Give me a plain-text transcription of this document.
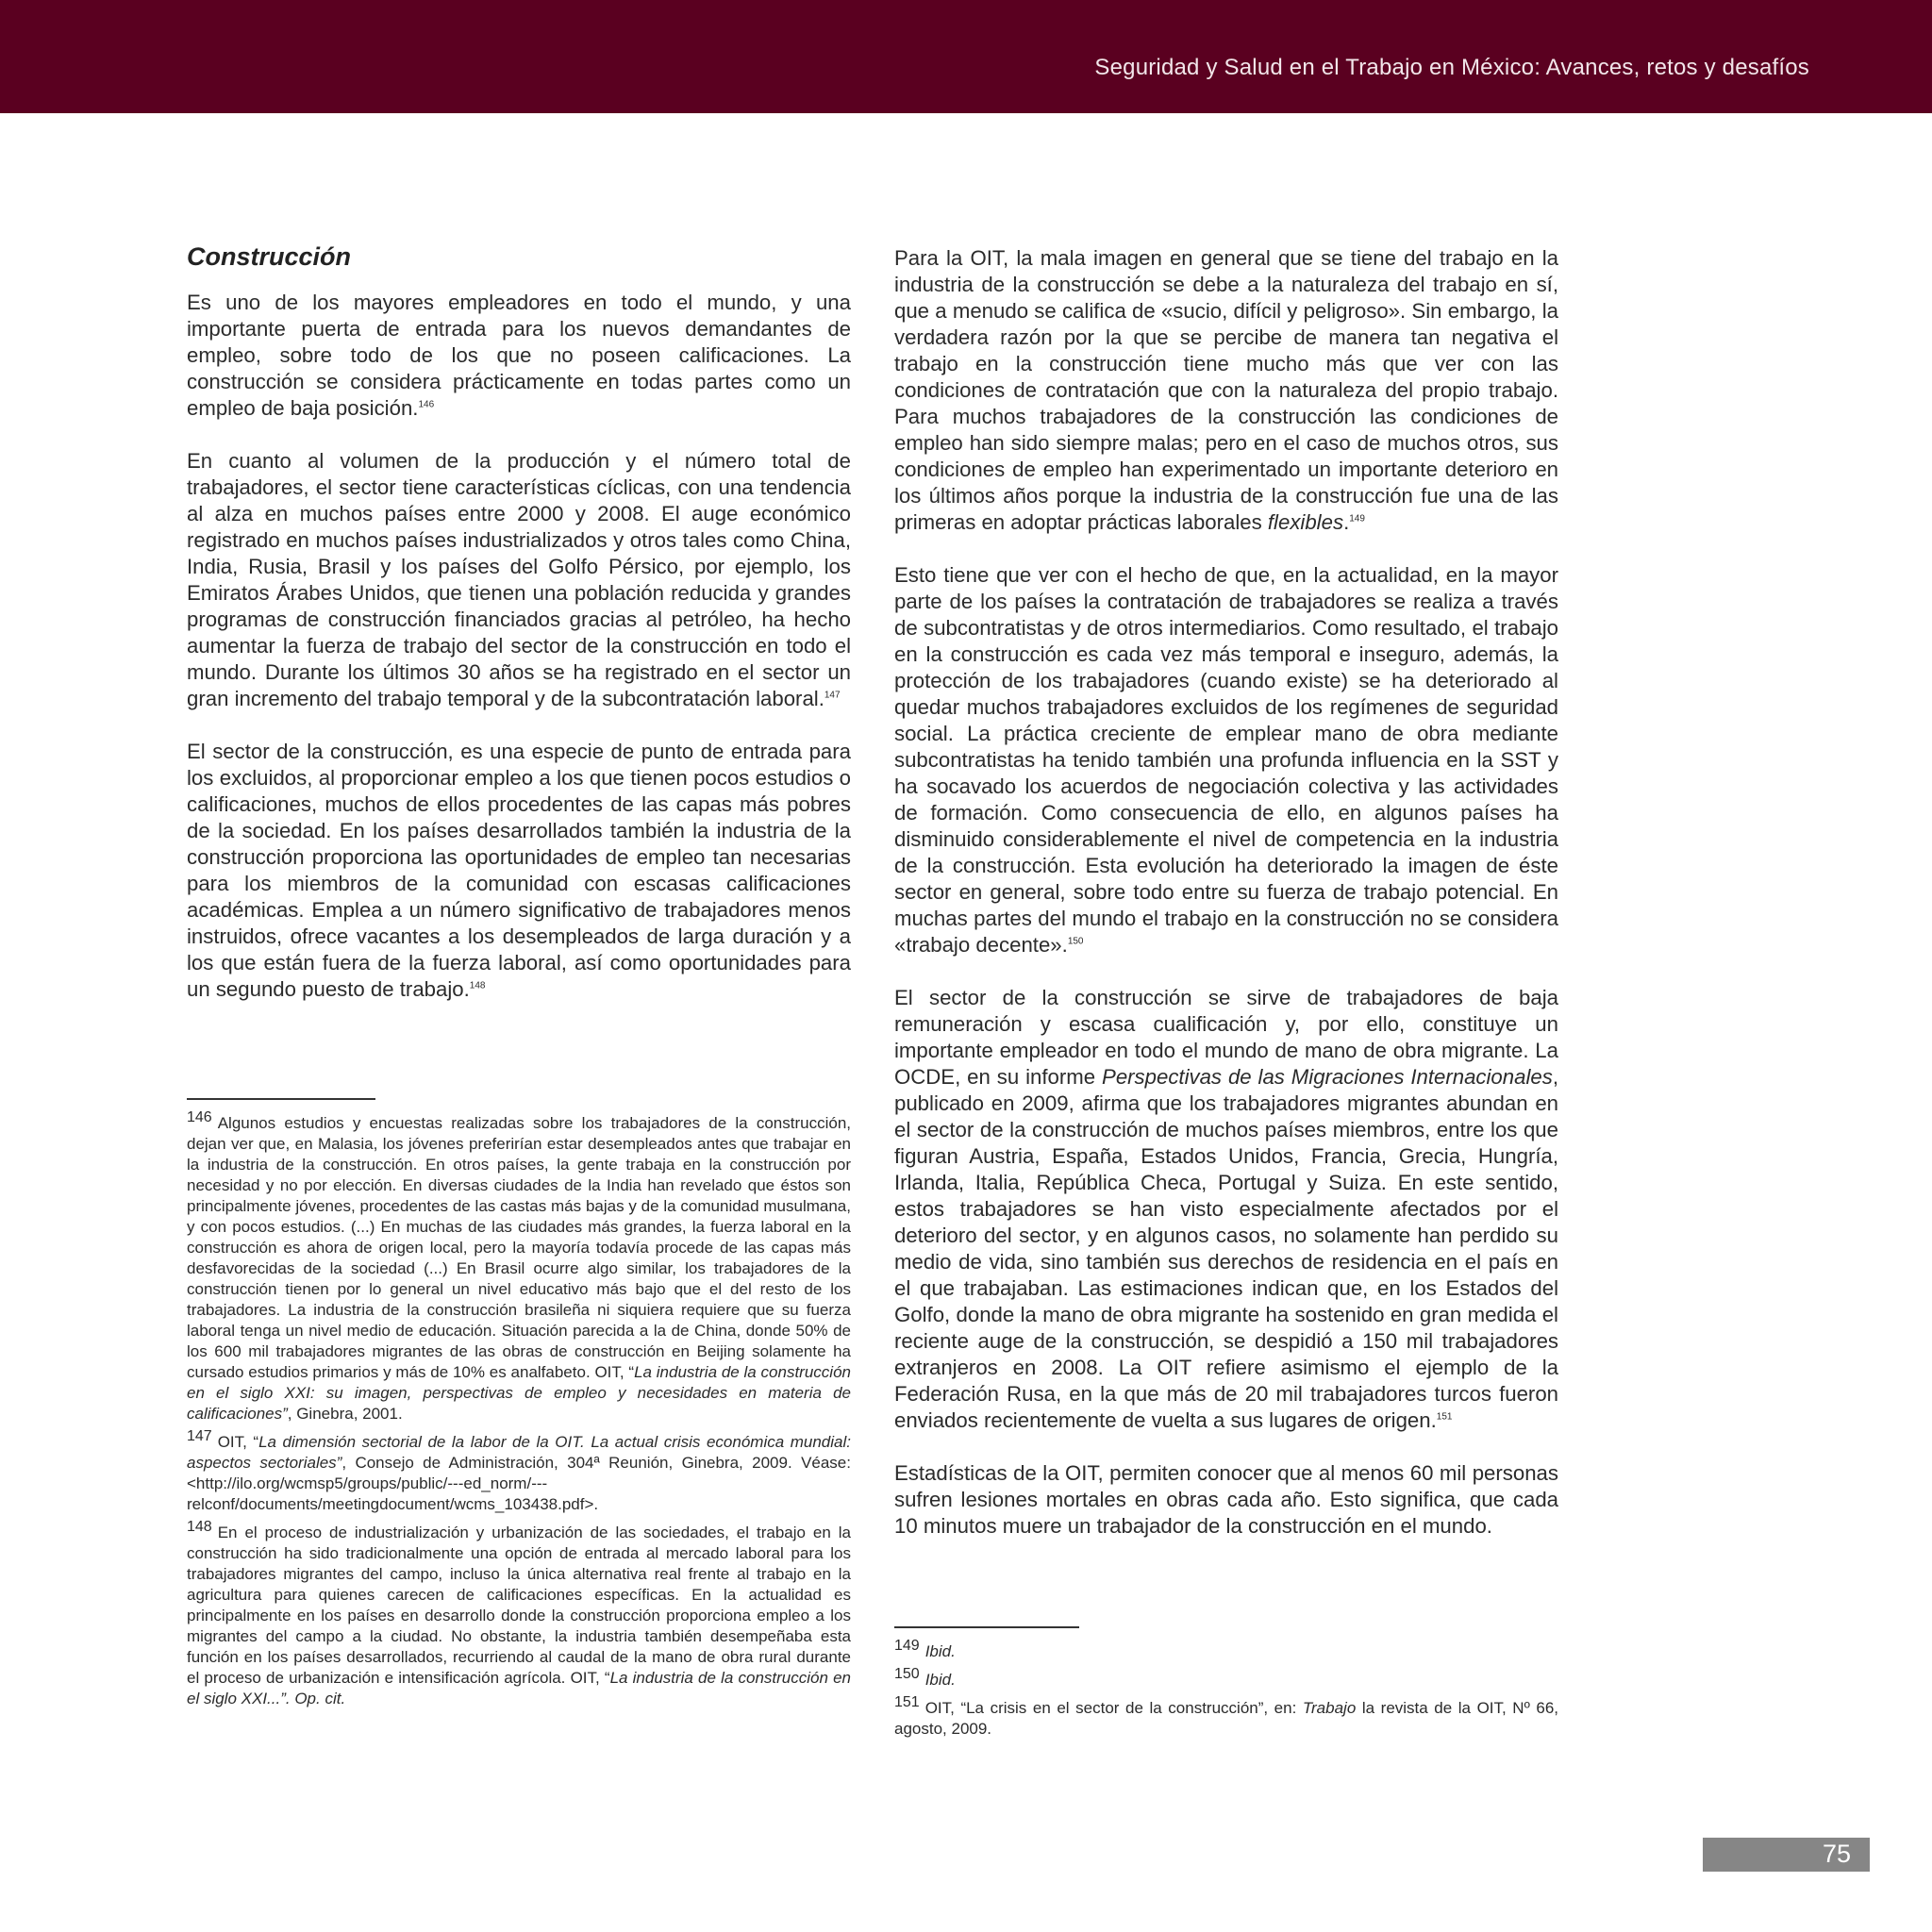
Seguridad y Salud en el Trabajo en México: Avances, retos y desafíos
Construcción

Es uno de los mayores empleadores en todo el mundo, y una importante puerta de entrada para los nuevos demandantes de empleo, sobre todo de los que no poseen calificaciones. La construcción se considera prácticamente en todas partes como un empleo de baja posición.$^{146}$

En cuanto al volumen de la producción y el número total de trabajadores, el sector tiene características cíclicas, con una tendencia al alza en muchos países entre 2000 y 2008. El auge económico registrado en muchos países industrializados y otros tales como China, India, Rusia, Brasil y los países del Golfo Pérsico, por ejemplo, los Emiratos Árabes Unidos, que tienen una población reducida y grandes programas de construcción financiados gracias al petróleo, ha hecho aumentar la fuerza de trabajo del sector de la construcción en todo el mundo. Durante los últimos 30 años se ha registrado en el sector un gran incremento del trabajo temporal y de la subcontratación laboral.$^{147}$

El sector de la construcción, es una especie de punto de entrada para los excluidos, al proporcionar empleo a los que tienen pocos estudios o calificaciones, muchos de ellos procedentes de las capas más pobres de la sociedad. En los países desarrollados también la industria de la construcción proporciona las oportunidades de empleo tan necesarias para los miembros de la comunidad con escasas calificaciones académicas. Emplea a un número significativo de trabajadores menos instruidos, ofrece vacantes a los desempleados de larga duración y a los que están fuera de la fuerza laboral, así como oportunidades para un segundo puesto de trabajo.$^{148}$

Para la OIT, la mala imagen en general que se tiene del trabajo en la industria de la construcción se debe a la naturaleza del trabajo en sí, que a menudo se califica de «sucio, difícil y peligroso». Sin embargo, la verdadera razón por la que se percibe de manera tan negativa el trabajo en la construcción tiene mucho más que ver con las condiciones de contratación que con la naturaleza del propio trabajo. Para muchos trabajadores de la construcción las condiciones de empleo han sido siempre malas; pero en el caso de muchos otros, sus condiciones de empleo han experimentado un importante deterioro en los últimos años porque la industria de la construcción fue una de las primeras en adoptar prácticas laborales flexibles.$^{149}$

Esto tiene que ver con el hecho de que, en la actualidad, en la mayor parte de los países la contratación de trabajadores se realiza a través de subcontratistas y de otros intermediarios. Como resultado, el trabajo en la construcción es cada vez más temporal e inseguro, además, la protección de los trabajadores (cuando existe) se ha deteriorado al quedar muchos trabajadores excluidos de los regímenes de seguridad social. La práctica creciente de emplear mano de obra mediante subcontratistas ha tenido también una profunda influencia en la SST y ha socavado los acuerdos de negociación colectiva y las actividades de formación. Como consecuencia de ello, en algunos países ha disminuido considerablemente el nivel de competencia en la industria de la construcción. Esta evolución ha deteriorado la imagen de éste sector en general, sobre todo entre su fuerza de trabajo potencial. En muchas partes del mundo el trabajo en la construcción no se considera «trabajo decente».$^{150}$

El sector de la construcción se sirve de trabajadores de baja remuneración y escasa cualificación y, por ello, constituye un importante empleador en todo el mundo de mano de obra migrante. La OCDE, en su informe Perspectivas de las Migraciones Internacionales, publicado en 2009, afirma que los trabajadores migrantes abundan en el sector de la construcción de muchos países miembros, entre los que figuran Austria, España, Estados Unidos, Francia, Grecia, Hungría, Irlanda, Italia, República Checa, Portugal y Suiza. En este sentido, estos trabajadores se han visto especialmente afectados por el deterioro del sector, y en algunos casos, no solamente han perdido su medio de vida, sino también sus derechos de residencia en el país en el que trabajaban. Las estimaciones indican que, en los Estados del Golfo, donde la mano de obra migrante ha sostenido en gran medida el reciente auge de la construcción, se despidió a 150 mil trabajadores extranjeros en 2008. La OIT refiere asimismo el ejemplo de la Federación Rusa, en la que más de 20 mil trabajadores turcos fueron enviados recientemente de vuelta a sus lugares de origen.$^{151}$

Estadísticas de la OIT, permiten conocer que al menos 60 mil personas sufren lesiones mortales en obras cada año. Esto significa, que cada 10 minutos muere un trabajador de la construcción en el mundo.

146 Algunos estudios y encuestas realizadas sobre los trabajadores de la construcción, dejan ver que, en Malasia, los jóvenes preferirían estar desempleados antes que trabajar en la industria de la construcción. En otros países, la gente trabaja en la construcción por necesidad y no por elección. En diversas ciudades de la India han revelado que éstos son principalmente jóvenes, procedentes de las castas más bajas y de la comunidad musulmana, y con pocos estudios. (...) En muchas de las ciudades más grandes, la fuerza laboral en la construcción es ahora de origen local, pero la mayoría todavía procede de las capas más desfavorecidas de la sociedad (...) En Brasil ocurre algo similar, los trabajadores de la construcción tienen por lo general un nivel educativo más bajo que el del resto de los trabajadores. La industria de la construcción brasileña ni siquiera requiere que su fuerza laboral tenga un nivel medio de educación. Situación parecida a la de China, donde 50% de los 600 mil trabajadores migrantes de las obras de construcción en Beijing solamente ha cursado estudios primarios y más de 10% es analfabeto. OIT, “La industria de la construcción en el siglo XXI: su imagen, perspectivas de empleo y necesidades en materia de calificaciones”, Ginebra, 2001.

147 OIT, “La dimensión sectorial de la labor de la OIT. La actual crisis económica mundial: aspectos sectoriales”, Consejo de Administración, 304ª Reunión, Ginebra, 2009. Véase: <http://ilo.org/wcmsp5/groups/public/---ed_norm/---relconf/documents/meetingdocument/wcms_103438.pdf>.

148 En el proceso de industrialización y urbanización de las sociedades, el trabajo en la construcción ha sido tradicionalmente una opción de entrada al mercado laboral para los trabajadores migrantes del campo, incluso la única alternativa real frente al trabajo en la agricultura para quienes carecen de calificaciones específicas. En la actualidad es principalmente en los países en desarrollo donde la construcción proporciona empleo a los migrantes del campo a la ciudad. No obstante, la industria también desempeñaba esta función en los países desarrollados, recurriendo al caudal de la mano de obra rural durante el proceso de urbanización e intensificación agrícola. OIT, “La industria de la construcción en el siglo XXI...”. Op. cit.

149 Ibid.

150 Ibid.

151 OIT, “La crisis en el sector de la construcción”, en: Trabajo la revista de la OIT, Nº 66, agosto, 2009.

75
